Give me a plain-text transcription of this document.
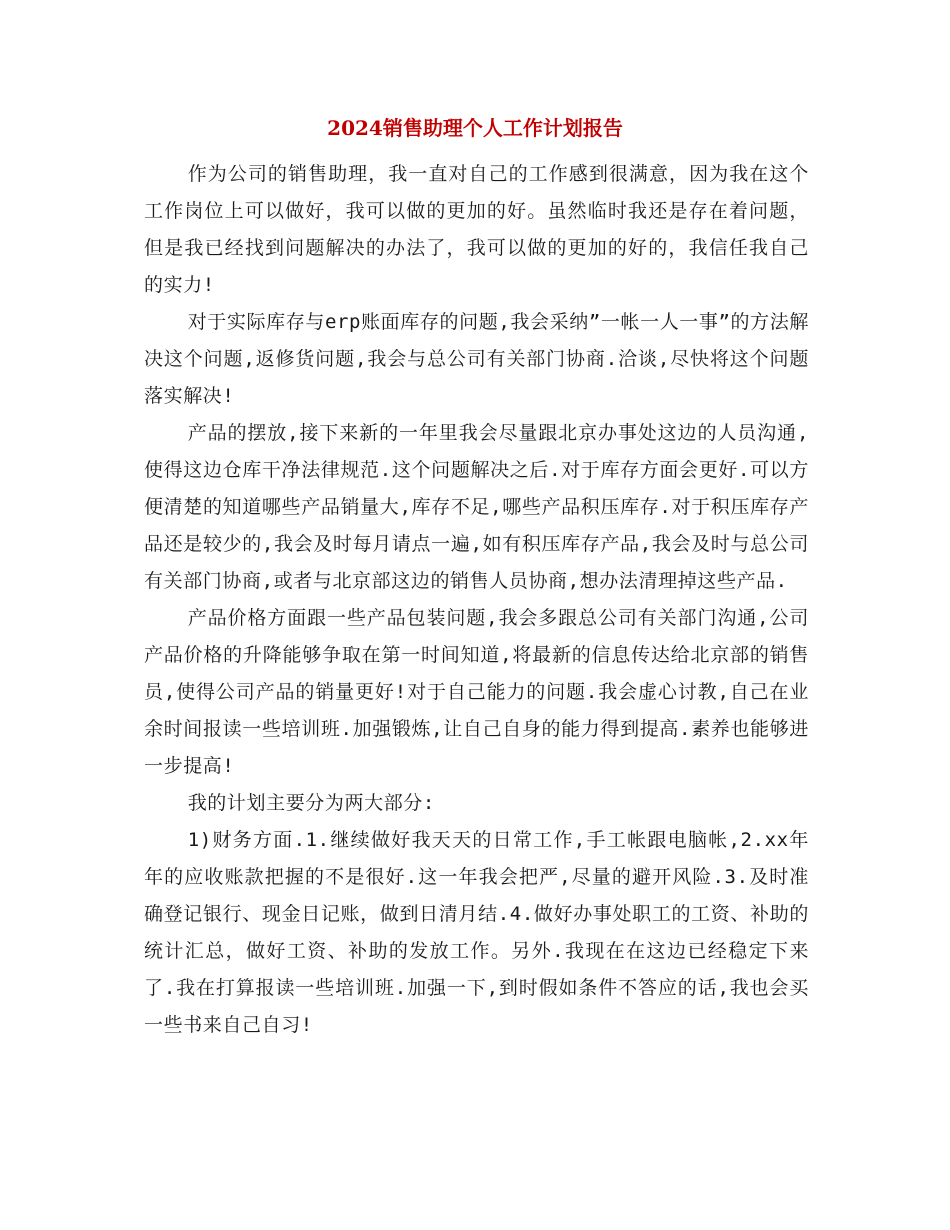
2024销售助理个人工作计划报告

作为公司的销售助理，我一直对自己的工作感到很满意，因为我在这个工作岗位上可以做好，我可以做的更加的好。虽然临时我还是存在着问题，但是我已经找到问题解决的办法了，我可以做的更加的好的，我信任我自己的实力!

对于实际库存与erp账面库存的问题,我会采纳”一帐一人一事”的方法解决这个问题,返修货问题,我会与总公司有关部门协商.洽谈,尽快将这个问题落实解决!

产品的摆放,接下来新的一年里我会尽量跟北京办事处这边的人员沟通,使得这边仓库干净法律规范.这个问题解决之后.对于库存方面会更好.可以方便清楚的知道哪些产品销量大,库存不足,哪些产品积压库存.对于积压库存产品还是较少的,我会及时每月请点一遍,如有积压库存产品,我会及时与总公司有关部门协商,或者与北京部这边的销售人员协商,想办法清理掉这些产品.

产品价格方面跟一些产品包装问题,我会多跟总公司有关部门沟通,公司产品价格的升降能够争取在第一时间知道,将最新的信息传达给北京部的销售员,使得公司产品的销量更好!对于自己能力的问题.我会虚心讨教,自己在业余时间报读一些培训班.加强锻炼,让自己自身的能力得到提高.素养也能够进一步提高!

我的计划主要分为两大部分:

1)财务方面.1.继续做好我天天的日常工作,手工帐跟电脑帐,2.xx年年的应收账款把握的不是很好.这一年我会把严,尽量的避开风险.3.及时准确登记银行、现金日记账，做到日清月结.4.做好办事处职工的工资、补助的统计汇总，做好工资、补助的发放工作。另外.我现在在这边已经稳定下来了.我在打算报读一些培训班.加强一下,到时假如条件不答应的话,我也会买一些书来自己自习!
